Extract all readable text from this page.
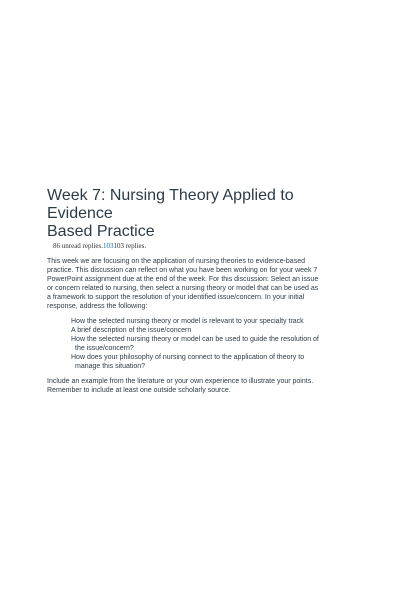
Week 7: Nursing Theory Applied to Evidence
Based Practice
86 unread replies.103103 replies.
This week we are focusing on the application of nursing theories to evidence-based
practice. This discussion can reflect on what you have been working on for your week 7
PowerPoint assignment due at the end of the week. For this discussion: Select an issue
or concern related to nursing, then select a nursing theory or model that can be used as
a framework to support the resolution of your identified issue/concern. In your initial
response, address the following:
How the selected nursing theory or model is relevant to your specialty track
A brief description of the issue/concern
How the selected nursing theory or model can be used to guide the resolution of
the issue/concern?
How does your philosophy of nursing connect to the application of theory to
manage this situation?
Include an example from the literature or your own experience to illustrate your points.
Remember to include at least one outside scholarly source.
